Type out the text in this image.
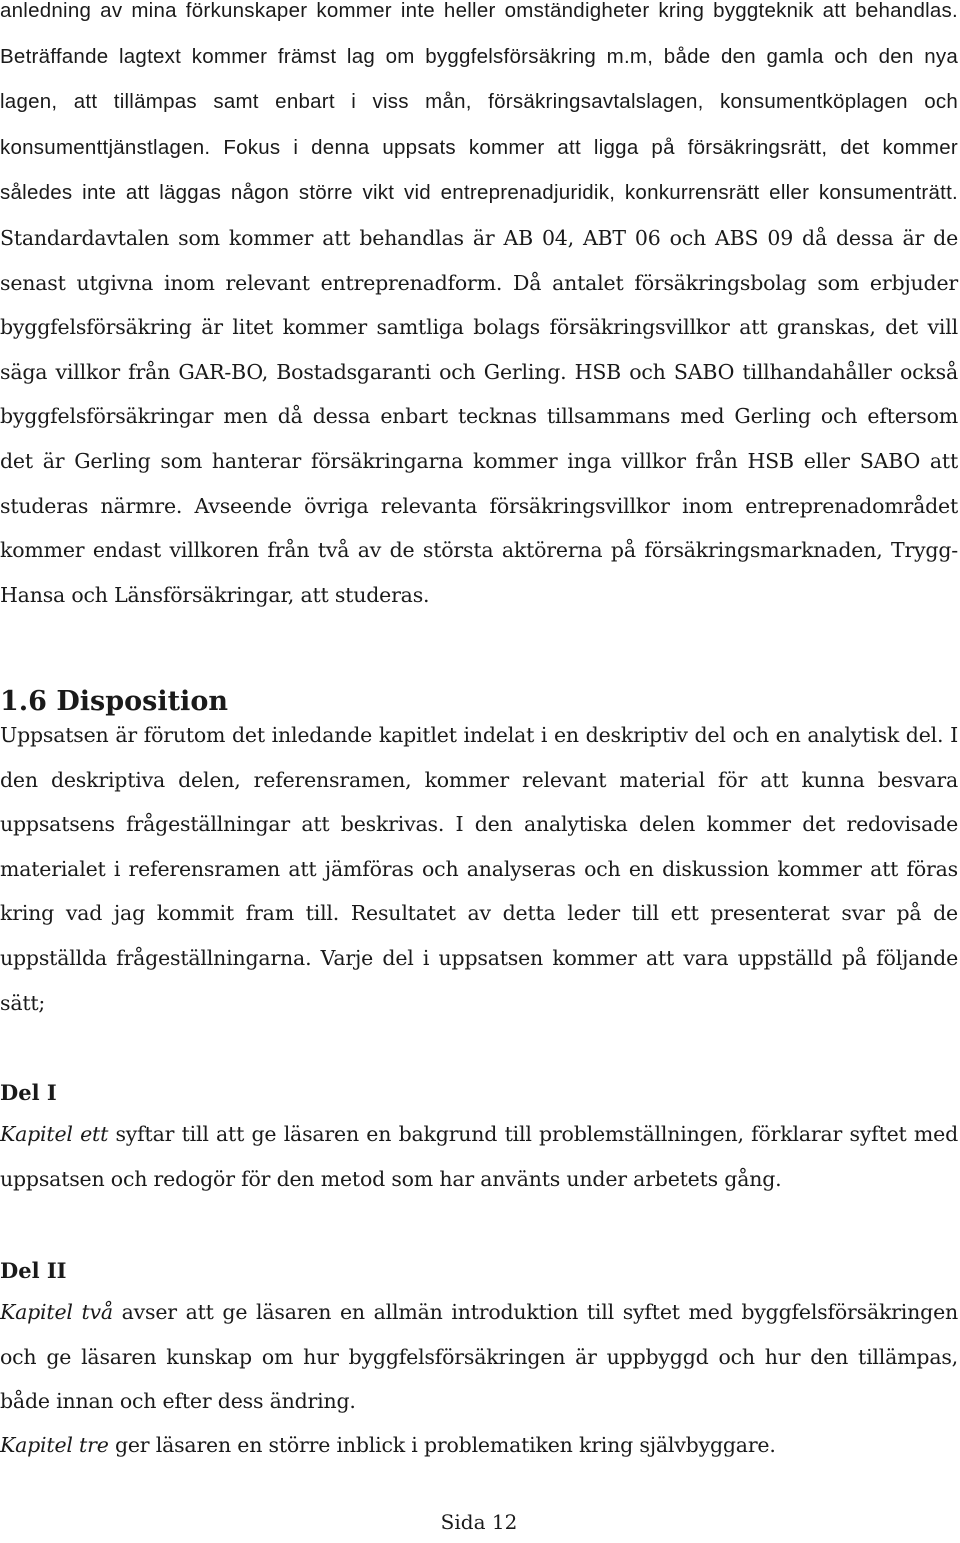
anledning av mina förkunskaper kommer inte heller omständigheter kring byggteknik att behandlas. Beträffande lagtext kommer främst lag om byggfelsförsäkring m.m, både den gamla och den nya lagen, att tillämpas samt enbart i viss mån, försäkringsavtalslagen, konsumentköplagen och konsumenttjänstlagen. Fokus i denna uppsats kommer att ligga på försäkringsrätt, det kommer således inte att läggas någon större vikt vid entreprenadjuridik, konkurrensrätt eller konsumenträtt. Standardavtalen som kommer att behandlas är AB 04, ABT 06 och ABS 09 då dessa är de senast utgivna inom relevant entreprenadform. Då antalet försäkringsbolag som erbjuder byggfelsförsäkring är litet kommer samtliga bolags försäkringsvillkor att granskas, det vill säga villkor från GAR-BO, Bostadsgaranti och Gerling. HSB och SABO tillhandahåller också byggfelsförsäkringar men då dessa enbart tecknas tillsammans med Gerling och eftersom det är Gerling som hanterar försäkringarna kommer inga villkor från HSB eller SABO att studeras närmre. Avseende övriga relevanta försäkringsvillkor inom entreprenadområdet kommer endast villkoren från två av de största aktörerna på försäkringsmarknaden, Trygg- Hansa och Länsförsäkringar, att studeras.

1.6 Disposition

Uppsatsen är förutom det inledande kapitlet indelat i en deskriptiv del och en analytisk del. I den deskriptiva delen, referensramen, kommer relevant material för att kunna besvara uppsatsens frågeställningar att beskrivas. I den analytiska delen kommer det redovisade materialet i referensramen att jämföras och analyseras och en diskussion kommer att föras kring vad jag kommit fram till. Resultatet av detta leder till ett presenterat svar på de uppställda frågeställningarna. Varje del i uppsatsen kommer att vara uppställd på följande sätt;

Del I

Kapitel ett syftar till att ge läsaren en bakgrund till problemställningen, förklarar syftet med uppsatsen och redogör för den metod som har använts under arbetets gång.

Del II

Kapitel två avser att ge läsaren en allmän introduktion till syftet med byggfelsförsäkringen och ge läsaren kunskap om hur byggfelsförsäkringen är uppbyggd och hur den tillämpas, både innan och efter dess ändring.

Kapitel tre ger läsaren en större inblick i problematiken kring självbyggare.

Sida 12
